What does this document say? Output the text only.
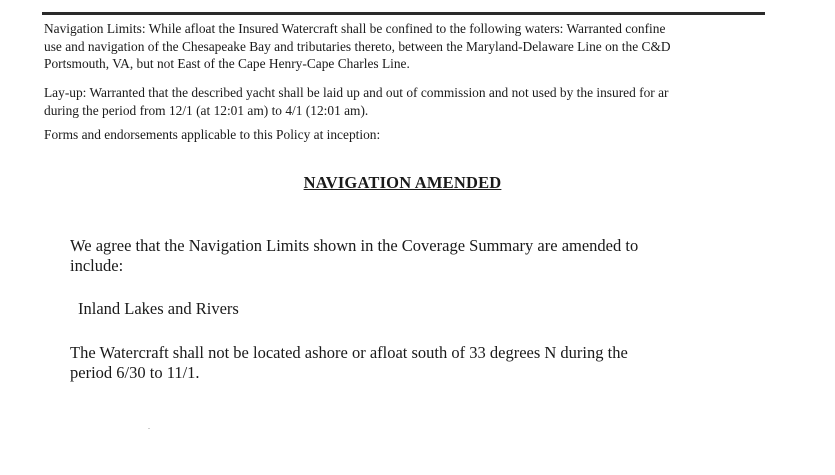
Navigation Limits: While afloat the Insured Watercraft shall be confined to the following waters: Warranted confine
use and navigation of the Chesapeake Bay and tributaries thereto, between the Maryland-Delaware Line on the C&D
Portsmouth, VA, but not East of the Cape Henry-Cape Charles Line.
Lay-up: Warranted that the described yacht shall be laid up and out of commission and not used by the insured for ar
during the period from 12/1 (at 12:01 am) to 4/1 (12:01 am).
Forms and endorsements applicable to this Policy at inception:
NAVIGATION AMENDED
We agree that the Navigation Limits shown in the Coverage Summary are amended to
include:
Inland Lakes and Rivers
The Watercraft shall not be located ashore or afloat south of 33 degrees N during the
period 6/30 to 11/1.
